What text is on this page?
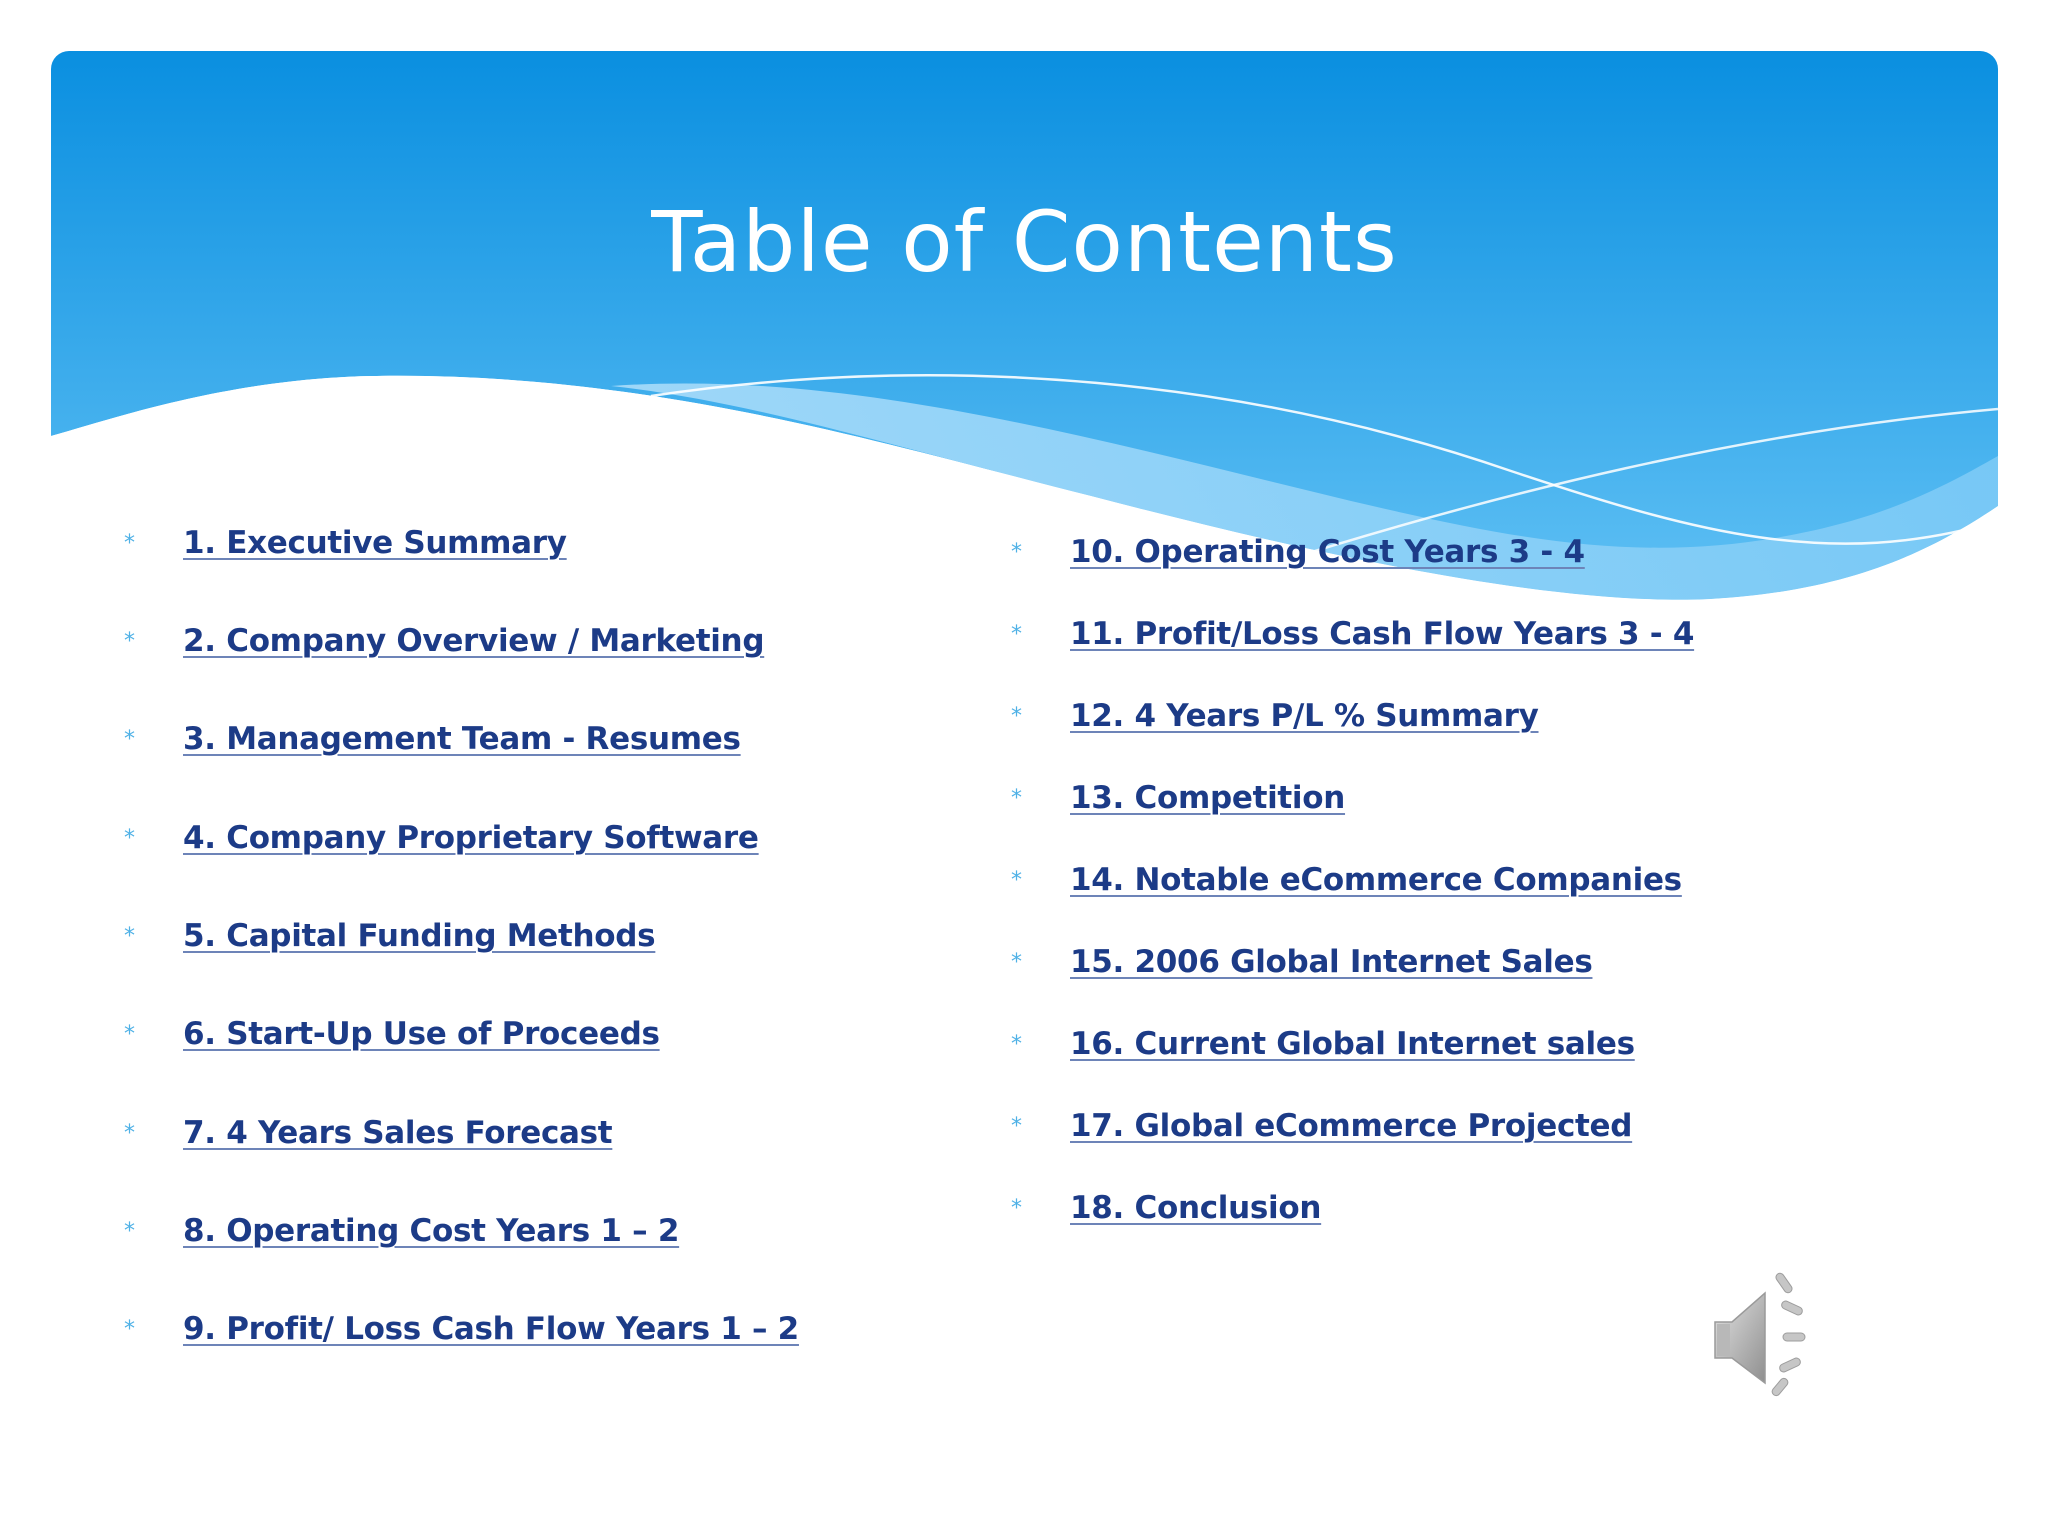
Table of Contents
* 1. Executive Summary
* 2. Company Overview / Marketing
* 3. Management Team - Resumes
* 4. Company Proprietary Software
* 5. Capital Funding Methods
* 6. Start-Up Use of Proceeds
* 7. 4 Years Sales Forecast
* 8. Operating Cost Years 1 – 2
* 9. Profit/ Loss Cash Flow Years 1 – 2
* 10. Operating Cost Years 3 - 4
* 11. Profit/Loss Cash Flow Years 3 - 4
* 12. 4 Years P/L % Summary
* 13. Competition
* 14. Notable eCommerce Companies
* 15. 2006 Global Internet Sales
* 16. Current Global Internet sales
* 17. Global eCommerce Projected
* 18. Conclusion
